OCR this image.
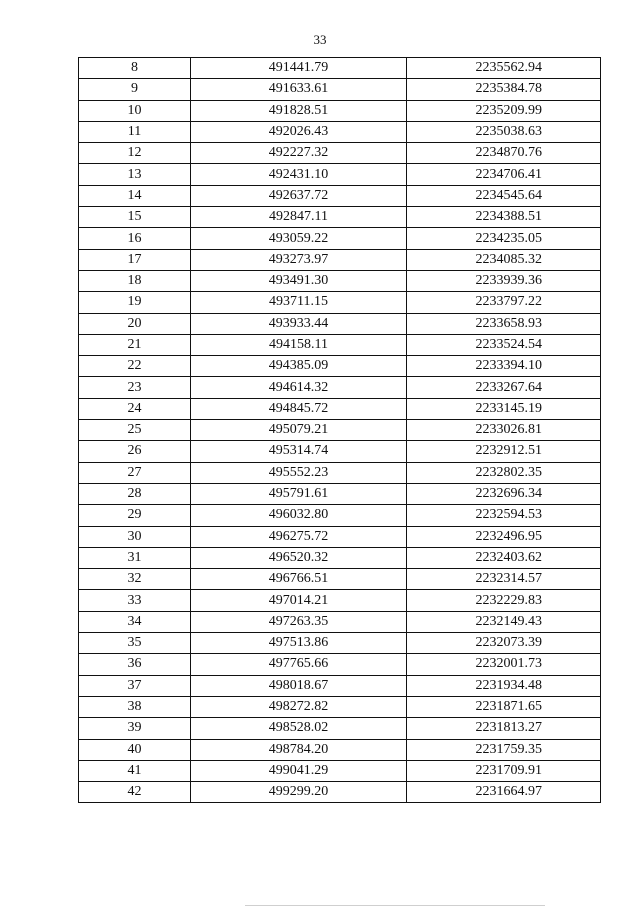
33
8	491441.79	2235562.94
9	491633.61	2235384.78
10	491828.51	2235209.99
11	492026.43	2235038.63
12	492227.32	2234870.76
13	492431.10	2234706.41
14	492637.72	2234545.64
15	492847.11	2234388.51
16	493059.22	2234235.05
17	493273.97	2234085.32
18	493491.30	2233939.36
19	493711.15	2233797.22
20	493933.44	2233658.93
21	494158.11	2233524.54
22	494385.09	2233394.10
23	494614.32	2233267.64
24	494845.72	2233145.19
25	495079.21	2233026.81
26	495314.74	2232912.51
27	495552.23	2232802.35
28	495791.61	2232696.34
29	496032.80	2232594.53
30	496275.72	2232496.95
31	496520.32	2232403.62
32	496766.51	2232314.57
33	497014.21	2232229.83
34	497263.35	2232149.43
35	497513.86	2232073.39
36	497765.66	2232001.73
37	498018.67	2231934.48
38	498272.82	2231871.65
39	498528.02	2231813.27
40	498784.20	2231759.35
41	499041.29	2231709.91
42	499299.20	2231664.97
